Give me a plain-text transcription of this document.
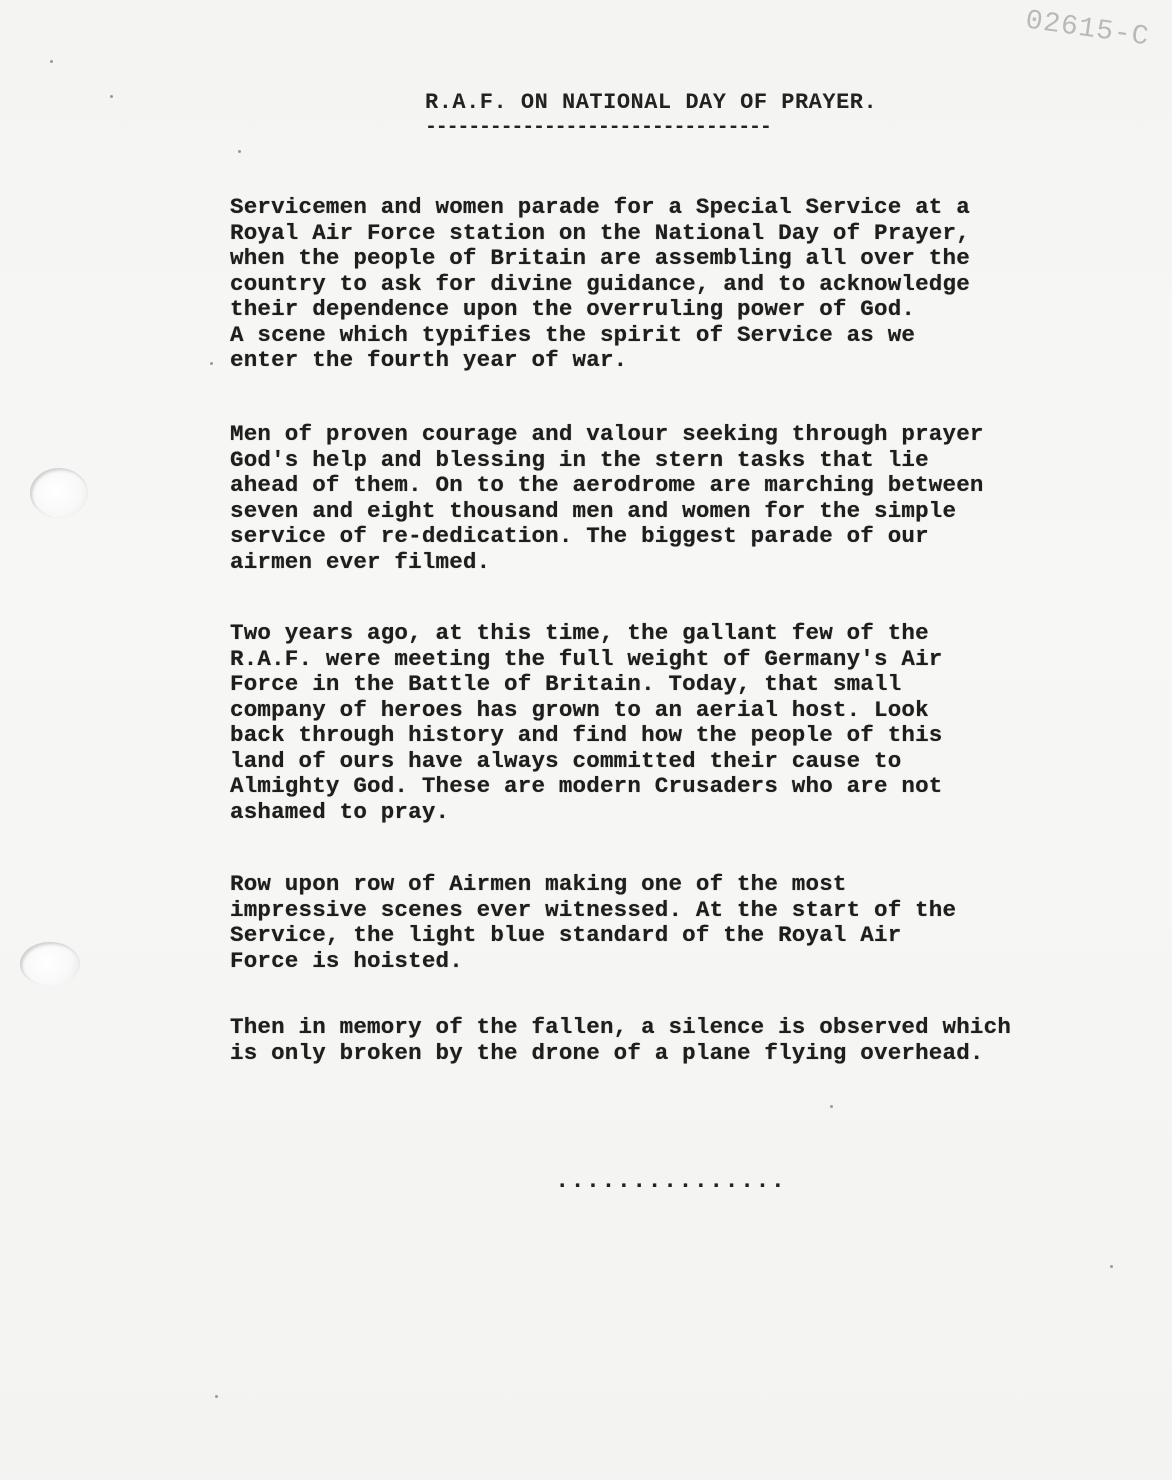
02615-C
R.A.F. ON NATIONAL DAY OF PRAYER.
--------------------------------

Servicemen and women parade for a Special Service at a
Royal Air Force station on the National Day of Prayer,
when the people of Britain are assembling all over the
country to ask for divine guidance, and to acknowledge
their dependence upon the overruling power of God.
A scene which typifies the spirit of Service as we
enter the fourth year of war.

Men of proven courage and valour seeking through prayer
God's help and blessing in the stern tasks that lie
ahead of them. On to the aerodrome are marching between
seven and eight thousand men and women for the simple
service of re-dedication. The biggest parade of our
airmen ever filmed.

Two years ago, at this time, the gallant few of the
R.A.F. were meeting the full weight of Germany's Air
Force in the Battle of Britain. Today, that small
company of heroes has grown to an aerial host. Look
back through history and find how the people of this
land of ours have always committed their cause to
Almighty God. These are modern Crusaders who are not
ashamed to pray.

Row upon row of Airmen making one of the most
impressive scenes ever witnessed. At the start of the
Service, the light blue standard of the Royal Air
Force is hoisted.

Then in memory of the fallen, a silence is observed which
is only broken by the drone of a plane flying overhead.

...............
